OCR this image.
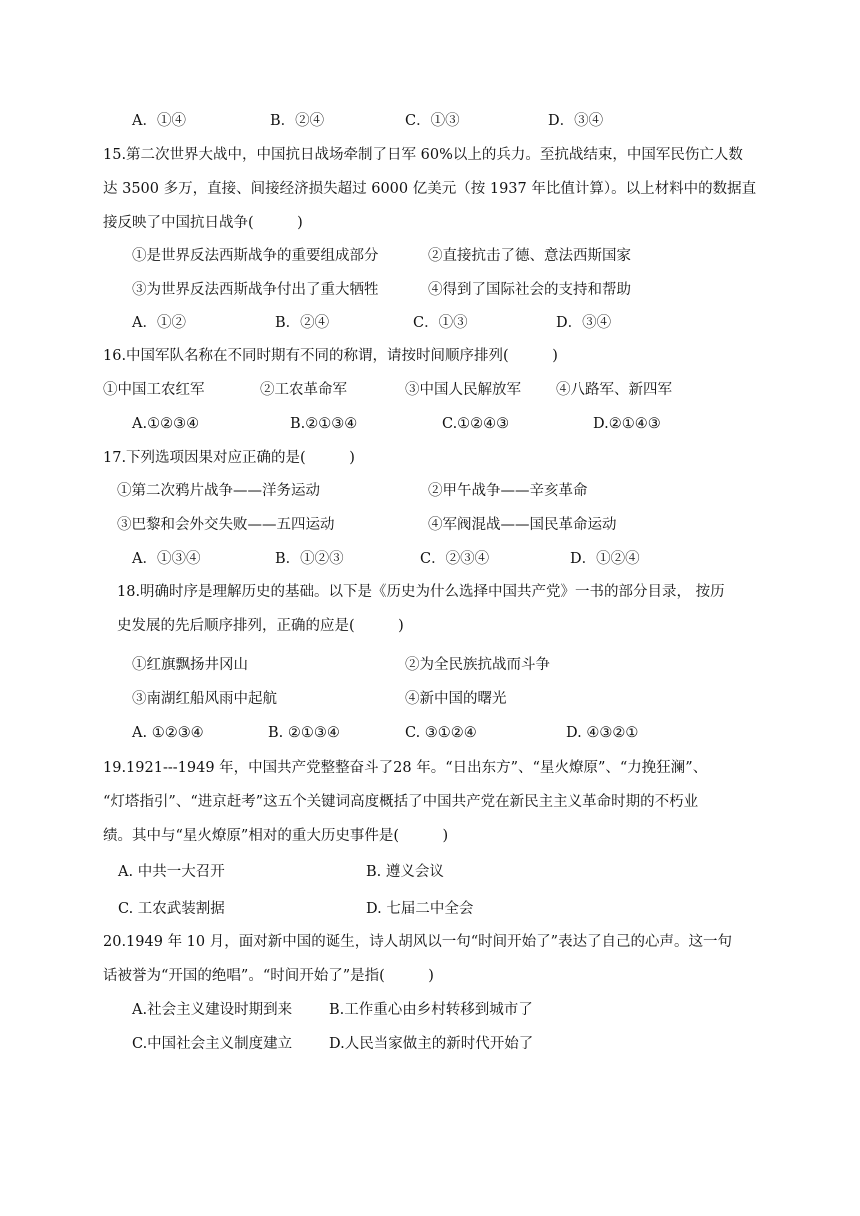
A．①④	B．②④	C．①③	D．③④
15.第二次世界大战中，中国抗日战场牵制了日军 60%以上的兵力。至抗战结束，中国军民伤亡人数
达 3500 多万，直接、间接经济损失超过 6000 亿美元（按 1937 年比值计算）。以上材料中的数据直
接反映了中国抗日战争(　　　)
①是世界反法西斯战争的重要组成部分	②直接抗击了德、意法西斯国家
③为世界反法西斯战争付出了重大牺牲	④得到了国际社会的支持和帮助
A．①②	B．②④	C．①③	D．③④
16.中国军队名称在不同时期有不同的称谓，请按时间顺序排列(　　　)
①中国工农红军	②工农革命军	③中国人民解放军 ④八路军、新四军
A.①②③④	B.②①③④	C.①②④③	D.②①④③
17.下列选项因果对应正确的是(　　　)
①第二次鸦片战争——洋务运动	②甲午战争——辛亥革命
③巴黎和会外交失败——五四运动	④军阀混战——国民革命运动
A．①③④	B．①②③	C．②③④	D．①②④
18.明确时序是理解历史的基础。以下是《历史为什么选择中国共产党》一书的部分目录， 按历
史发展的先后顺序排列，正确的应是(　　　)
①红旗飘扬井冈山	②为全民族抗战而斗争
③南湖红船风雨中起航	④新中国的曙光
A. ①②③④	B. ②①③④	C. ③①②④	D. ④③②①
19.1921---1949 年，中国共产党整整奋斗了28 年。“日出东方”、“星火燎原”、“力挽狂澜”、
“灯塔指引”、“进京赶考”这五个关键词高度概括了中国共产党在新民主主义革命时期的不朽业
绩。其中与“星火燎原”相对的重大历史事件是(　　　)
A. 中共一大召开	B. 遵义会议
C. 工农武装割据	D. 七届二中全会
20.1949 年 10 月，面对新中国的诞生，诗人胡风以一句“时间开始了”表达了自己的心声。这一句
话被誉为“开国的绝唱”。“时间开始了”是指(　　　)
A.社会主义建设时期到来	B.工作重心由乡村转移到城市了
C.中国社会主义制度建立	D.人民当家做主的新时代开始了
